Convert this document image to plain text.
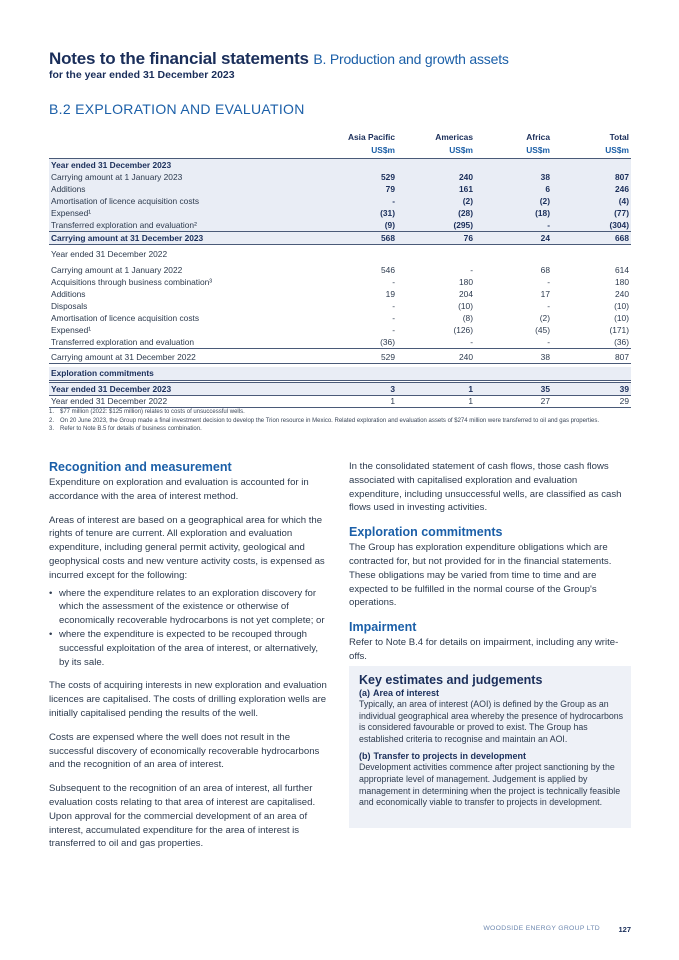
Notes to the financial statements B. Production and growth assets
for the year ended 31 December 2023
B.2 EXPLORATION AND EVALUATION
Asia Pacific	Americas	Africa	Total
US$m	US$m	US$m	US$m
Year ended 31 December 2023
Carrying amount at 1 January 2023	529	240	38	807
Additions	79	161	6	246
Amortisation of licence acquisition costs	-	(2)	(2)	(4)
Expensed¹	(31)	(28)	(18)	(77)
Transferred exploration and evaluation²	(9)	(295)	-	(304)
Carrying amount at 31 December 2023	568	76	24	668
Year ended 31 December 2022
Carrying amount at 1 January 2022	546	-	68	614
Acquisitions through business combination³	-	180	-	180
Additions	19	204	17	240
Disposals	-	(10)	-	(10)
Amortisation of licence acquisition costs	-	(8)	(2)	(10)
Expensed¹	-	(126)	(45)	(171)
Transferred exploration and evaluation	(36)	-	-	(36)
Carrying amount at 31 December 2022	529	240	38	807
Exploration commitments
Year ended 31 December 2023	3	1	35	39
Year ended 31 December 2022	1	1	27	29
1. $77 million (2022: $125 million) relates to costs of unsuccessful wells.
2. On 20 June 2023, the Group made a final investment decision to develop the Trion resource in Mexico. Related exploration and evaluation assets of $274 million were transferred to oil and gas properties.
3. Refer to Note B.5 for details of business combination.
Recognition and measurement

Expenditure on exploration and evaluation is accounted for in accordance with the area of interest method.

Areas of interest are based on a geographical area for which the rights of tenure are current. All exploration and evaluation expenditure, including general permit activity, geological and geophysical costs and new venture activity costs, is expensed as incurred except for the following:

• where the expenditure relates to an exploration discovery for which the assessment of the existence or otherwise of economically recoverable hydrocarbons is not yet complete; or
• where the expenditure is expected to be recouped through successful exploitation of the area of interest, or alternatively, by its sale.

The costs of acquiring interests in new exploration and evaluation licences are capitalised. The costs of drilling exploration wells are initially capitalised pending the results of the well.

Costs are expensed where the well does not result in the successful discovery of economically recoverable hydrocarbons and the recognition of an area of interest.

Subsequent to the recognition of an area of interest, all further evaluation costs relating to that area of interest are capitalised. Upon approval for the commercial development of an area of interest, accumulated expenditure for the area of interest is transferred to oil and gas properties.

In the consolidated statement of cash flows, those cash flows associated with capitalised exploration and evaluation expenditure, including unsuccessful wells, are classified as cash flows used in investing activities.

Exploration commitments

The Group has exploration expenditure obligations which are contracted for, but not provided for in the financial statements. These obligations may be varied from time to time and are expected to be fulfilled in the normal course of the Group's operations.

Impairment

Refer to Note B.4 for details on impairment, including any write-offs.

Key estimates and judgements
(a) Area of interest
Typically, an area of interest (AOI) is defined by the Group as an individual geographical area whereby the presence of hydrocarbons is considered favourable or proved to exist. The Group has established criteria to recognise and maintain an AOI.
(b) Transfer to projects in development
Development activities commence after project sanctioning by the appropriate level of management. Judgement is applied by management in determining when the project is technically feasible and economically viable to transfer to projects in development.
WOODSIDE ENERGY GROUP LTD 127
